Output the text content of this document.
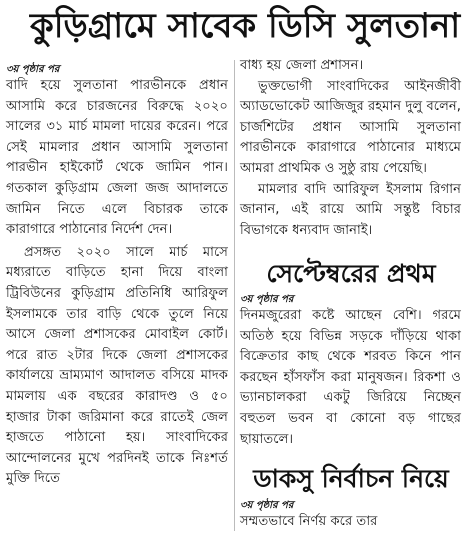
কুড়িগ্রামে সাবেক ডিসি সুলতানা
৩য় পৃষ্ঠার পর

বাদি হয়ে সুলতানা পারভীনকে প্রধান আসামি করে চারজনের বিরুদ্ধে ২০২০ সালের ৩১ মার্চ মামলা দায়ের করেন। পরে সেই মামলার প্রধান আসামি সুলতানা পারভীন হাইকোর্ট থেকে জামিন পান। গতকাল কুড়িগ্রাম জেলা জজ আদালতে জামিন নিতে এলে বিচারক তাকে কারাগারে পাঠানোর নির্দেশ দেন।

প্রসঙ্গত ২০২০ সালে মার্চ মাসে মধ্যরাতে বাড়িতে হানা দিয়ে বাংলা ট্রিবিউনের কুড়িগ্রাম প্রতিনিধি আরিফুল ইসলামকে তার বাড়ি থেকে তুলে নিয়ে আসে জেলা প্রশাসকের মোবাইল কোর্ট। পরে রাত ২টার দিকে জেলা প্রশাসকের কার্যালয়ে ভ্রাম্যমাণ আদালত বসিয়ে মাদক মামলায় এক বছরের কারাদণ্ড ও ৫০ হাজার টাকা জরিমানা করে রাতেই জেল হাজতে পাঠানো হয়। সাংবাদিকের আন্দোলনের মুখে পরদিনই তাকে নিঃশর্ত মুক্তি দিতে

বাধ্য হয় জেলা প্রশাসন।

ভুক্তভোগী সাংবাদিকের আইনজীবী অ্যাডভোকেট আজিজুর রহমান দুলু বলেন, চার্জশিটের প্রধান আসামি সুলতানা পারভীনকে কারাগারে পাঠানোর মাধ্যমে আমরা প্রাথমিক ও সুষ্ঠু রায় পেয়েছি।

মামলার বাদি আরিফুল ইসলাম রিগান জানান, এই রায়ে আমি সন্তুষ্ট বিচার বিভাগকে ধন্যবাদ জানাই।

সেপ্টেম্বরের প্রথম
৩য় পৃষ্ঠার পর

দিনমজুরেরা কষ্টে আছেন বেশি। গরমে অতিষ্ঠ হয়ে বিভিন্ন সড়কে দাঁড়িয়ে থাকা বিক্রেতার কাছ থেকে শরবত কিনে পান করছেন হাঁসফাঁস করা মানুষজন। রিকশা ও ভ্যানচালকরা একটু জিরিয়ে নিচ্ছেন বহুতল ভবন বা কোনো বড় গাছের ছায়াতলে।

ডাকসু নির্বাচন নিয়ে
৩য় পৃষ্ঠার পর

সম্মতভাবে নির্ণয় করে তার
